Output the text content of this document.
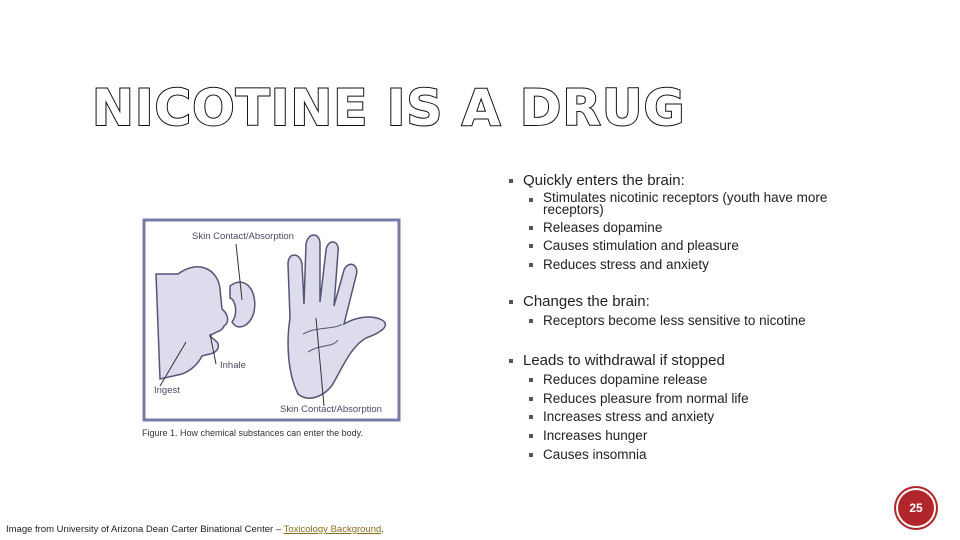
NICOTINE IS A DRUG
Skin Contact/Absorption
Inhale
Ingest
Skin Contact/Absorption
Figure 1. How chemical substances can enter the body.
Quickly enters the brain:
Stimulates nicotinic receptors (youth have more receptors)
Releases dopamine
Causes stimulation and pleasure
Reduces stress and anxiety
Changes the brain:
Receptors become less sensitive to nicotine
Leads to withdrawal if stopped
Reduces dopamine release
Reduces pleasure from normal life
Increases stress and anxiety
Increases hunger
Causes insomnia
25
Image from University of Arizona Dean Carter Binational Center – Toxicology Background.
